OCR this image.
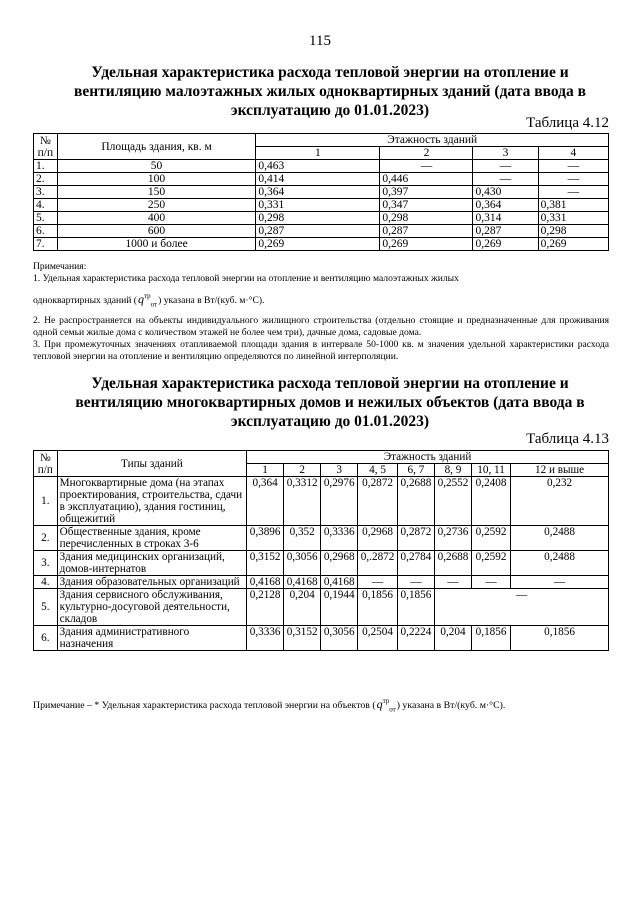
115
Удельная характеристика расхода тепловой энергии на отопление и
вентиляцию малоэтажных жилых одноквартирных зданий (дата ввода в
эксплуатацию до 01.01.2023)
Таблица 4.12
№ п/п	Площадь здания, кв. м	Этажность зданий			
		1	2	3	4
1.	50	0,463	—	—	—
2.	100	0,414	0,446	—	—
3.	150	0,364	0,397	0,430	—
4.	250	0,331	0,347	0,364	0,381
5.	400	0,298	0,298	0,314	0,331
6.	600	0,287	0,287	0,287	0,298
7.	1000 и более	0,269	0,269	0,269	0,269

Примечания:

1. Удельная характеристика расхода тепловой энергии на отопление и вентиляцию малоэтажных жилых

одноквартирных зданий $(q^{тр}_{от})$ указана в Вт/(куб. м·°С).

2. Не распространяется на объекты индивидуального жилищного строительства (отдельно стоящие и предназначенные для проживания одной семьи жилые дома с количеством этажей не более чем три), дачные дома, садовые дома.

3. При промежуточных значениях отапливаемой площади здания в интервале 50-1000 кв. м значения удельной характеристики расхода тепловой энергии на отопление и вентиляцию определяются по линейной интерполяции.

Удельная характеристика расхода тепловой энергии на отопление и
вентиляцию многоквартирных домов и нежилых объектов (дата ввода в
эксплуатацию до 01.01.2023)
Таблица 4.13
№ п/п	Типы зданий	Этажность зданий							
		1	2	3	4, 5	6, 7	8, 9	10, 11	12 и выше
1.	Многоквартирные дома (на этапах проектирования, строительства, сдачи в эксплуатацию), здания гостиниц, общежитий	0,364	0,3312	0,2976	0,2872	0,2688	0,2552	0,2408	0,232
2.	Общественные здания, кроме перечисленных в строках 3-6	0,3896	0,352	0,3336	0,2968	0,2872	0,2736	0,2592	0,2488
3.	Здания медицинских организаций, домов-интернатов	0,3152	0,3056	0,2968	0,.2872	0,2784	0,2688	0,2592	0,2488
4.	Здания образовательных организаций	0,4168	0,4168	0,4168	—	—	—	—	—
5.	Здания сервисного обслуживания, культурно-досуговой деятельности, складов	0,2128	0,204	0,1944	0,1856	0,1856	—		
6.	Здания административного назначения	0,3336	0,3152	0,3056	0,2504	0,2224	0,204	0,1856	0,1856

Примечание – * Удельная характеристика расхода тепловой энергии на объектов $(q^{тр}_{от})$ указана в Вт/(куб. м·°С).
